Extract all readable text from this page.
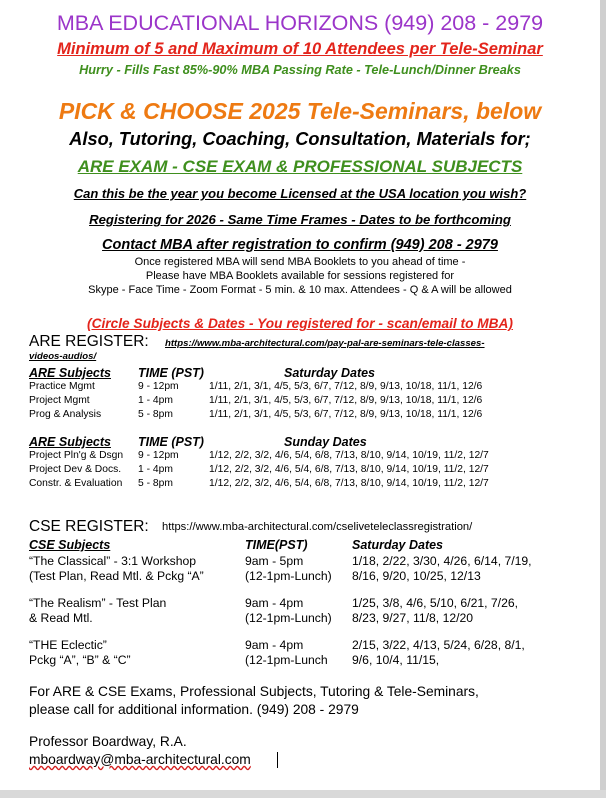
MBA EDUCATIONAL HORIZONS (949) 208 - 2979
Minimum of 5 and Maximum of 10 Attendees per Tele-Seminar
Hurry - Fills Fast 85%-90% MBA Passing Rate - Tele-Lunch/Dinner Breaks
PICK & CHOOSE 2025 Tele-Seminars, below
Also, Tutoring, Coaching, Consultation, Materials for;
ARE EXAM - CSE EXAM & PROFESSIONAL SUBJECTS
Can this be the year you become Licensed at the USA location you wish?
Registering for 2026 - Same Time Frames - Dates to be forthcoming
Contact MBA after registration to confirm (949) 208 - 2979
Once registered MBA will send MBA Booklets to you ahead of time -
Please have MBA Booklets available for sessions registered for
Skype - Face Time - Zoom Format - 5 min. & 10 max. Attendees - Q & A will be allowed
(Circle Subjects & Dates - You registered for - scan/email to MBA)
ARE REGISTER: https://www.mba-architectural.com/pay-pal-are-seminars-tele-classes-
videos-audios/
ARE Subjects TIME (PST)	Saturday Dates
Practice Mgmt	9 - 12pm	1/11, 2/1, 3/1, 4/5, 5/3, 6/7, 7/12, 8/9, 9/13, 10/18, 11/1, 12/6
Project Mgmt	1 - 4pm	1/11, 2/1, 3/1, 4/5, 5/3, 6/7, 7/12, 8/9, 9/13, 10/18, 11/1, 12/6
Prog & Analysis	5 - 8pm	1/11, 2/1, 3/1, 4/5, 5/3, 6/7, 7/12, 8/9, 9/13, 10/18, 11/1, 12/6
ARE Subjects TIME (PST)	Sunday Dates
Project Pln'g & Dsgn 9 - 12pm	1/12, 2/2, 3/2, 4/6, 5/4, 6/8, 7/13, 8/10, 9/14, 10/19, 11/2, 12/7
Project Dev & Docs. 1 - 4pm	1/12, 2/2, 3/2, 4/6, 5/4, 6/8, 7/13, 8/10, 9/14, 10/19, 11/2, 12/7
Constr. & Evaluation 5 - 8pm	1/12, 2/2, 3/2, 4/6, 5/4, 6/8, 7/13, 8/10, 9/14, 10/19, 11/2, 12/7
CSE REGISTER: https://www.mba-architectural.com/cseliveteleclassregistration/
CSE Subjects	TIME(PST)	Saturday Dates
“The Classical” - 3:1 Workshop	9am - 5pm	1/18, 2/22, 3/30, 4/26, 6/14, 7/19,
(Test Plan, Read Mtl. & Pckg “A”	(12-1pm-Lunch) 8/16, 9/20, 10/25, 12/13
“The Realism” - Test Plan	9am - 4pm	1/25, 3/8, 4/6, 5/10, 6/21, 7/26,
& Read Mtl.	(12-1pm-Lunch) 8/23, 9/27, 11/8, 12/20
“THE Eclectic”	9am - 4pm	2/15, 3/22, 4/13, 5/24, 6/28, 8/1,
Pckg “A”, “B” & “C”	(12-1pm-Lunch 9/6, 10/4, 11/15,
For ARE & CSE Exams, Professional Subjects, Tutoring & Tele-Seminars,
please call for additional information. (949) 208 - 2979
Professor Boardway, R.A.
mboardway@mba-architectural.com
